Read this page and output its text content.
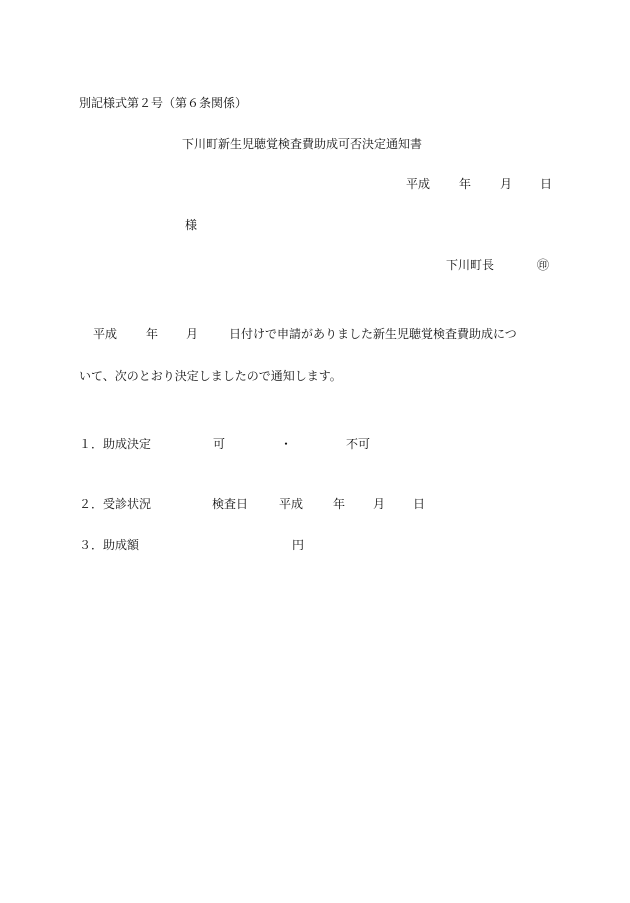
別記様式第２号（第６条関係）
下川町新生児聴覚検査費助成可否決定通知書
平成 年 月 日
様
下川町長	㊞
平成 年 月	日付けで申請がありました新生児聴覚検査費助成につ
いて、次のとおり決定しましたので通知します。
１．助成決定	可	・	不可
２．受診状況	検査日	平成 年 月 日
３．助成額	円
